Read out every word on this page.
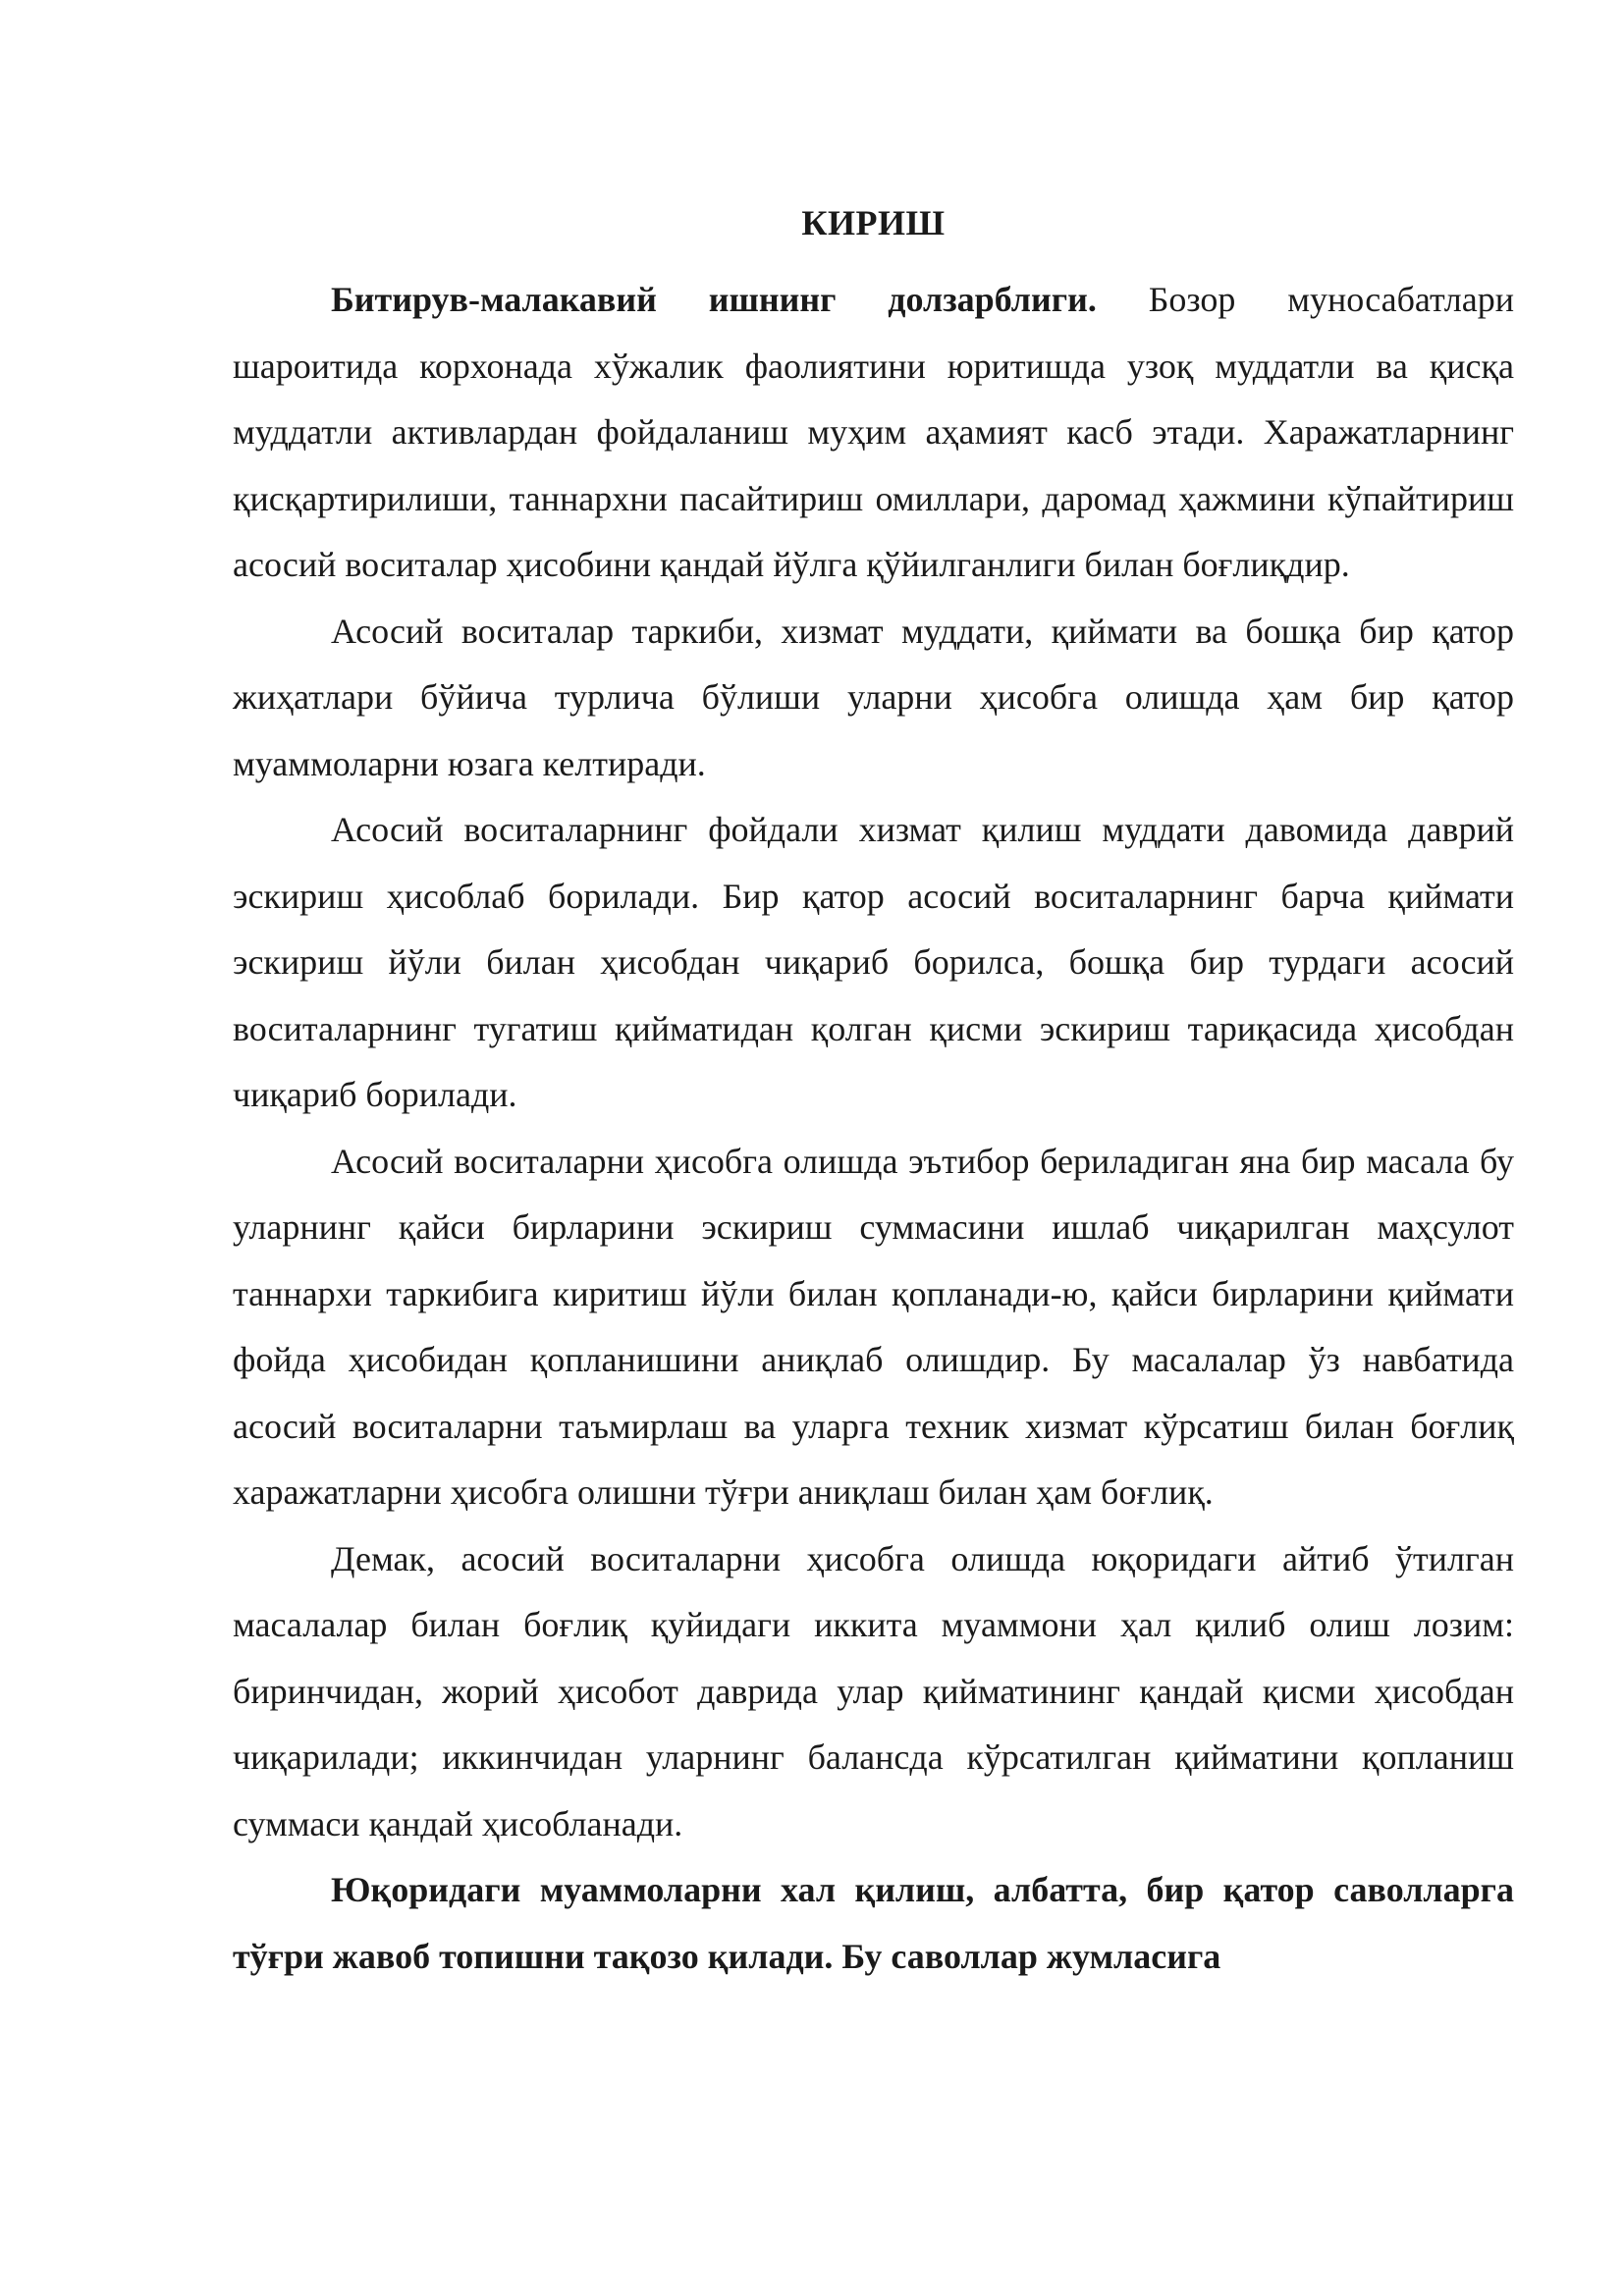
КИРИШ

Битирув-малакавий ишнинг долзарблиги. Бозор муносабатлари шароитида корхонада хўжалик фаолиятини юритишда узоқ муддатли ва қисқа муддатли активлардан фойдаланиш муҳим аҳамият касб этади. Харажатларнинг қисқартирилиши, таннархни пасайтириш омиллари, даромад ҳажмини кўпайтириш асосий воситалар ҳисобини қандай йўлга қўйилганлиги билан боғлиқдир.

Асосий воситалар таркиби, хизмат муддати, қиймати ва бошқа бир қатор жиҳатлари бўйича турлича бўлиши уларни ҳисобга олишда ҳам бир қатор муаммоларни юзага келтиради.

Асосий воситаларнинг фойдали хизмат қилиш муддати давомида даврий эскириш ҳисоблаб борилади. Бир қатор асосий воситаларнинг барча қиймати эскириш йўли билан ҳисобдан чиқариб борилса, бошқа бир турдаги асосий воситаларнинг тугатиш қийматидан қолган қисми эскириш тариқасида ҳисобдан чиқариб борилади.

Асосий воситаларни ҳисобга олишда эътибор бериладиган яна бир масала бу уларнинг қайси бирларини эскириш суммасини ишлаб чиқарилган маҳсулот таннархи таркибига киритиш йўли билан қопланади-ю, қайси бирларини қиймати фойда ҳисобидан қопланишини аниқлаб олишдир. Бу масалалар ўз навбатида асосий воситаларни таъмирлаш ва уларга техник хизмат кўрсатиш билан боғлиқ харажатларни ҳисобга олишни тўғри аниқлаш билан ҳам боғлиқ.

Демак, асосий воситаларни ҳисобга олишда юқоридаги айтиб ўтилган масалалар билан боғлиқ қуйидаги иккита муаммони ҳал қилиб олиш лозим: биринчидан, жорий ҳисобот даврида улар қийматининг қандай қисми ҳисобдан чиқарилади; иккинчидан уларнинг балансда кўрсатилган қийматини қопланиш суммаси қандай ҳисобланади.

Юқоридаги муаммоларни хал қилиш, албатта, бир қатор саволларга тўғри жавоб топишни тақозо қилади. Бу саволлар жумласига
